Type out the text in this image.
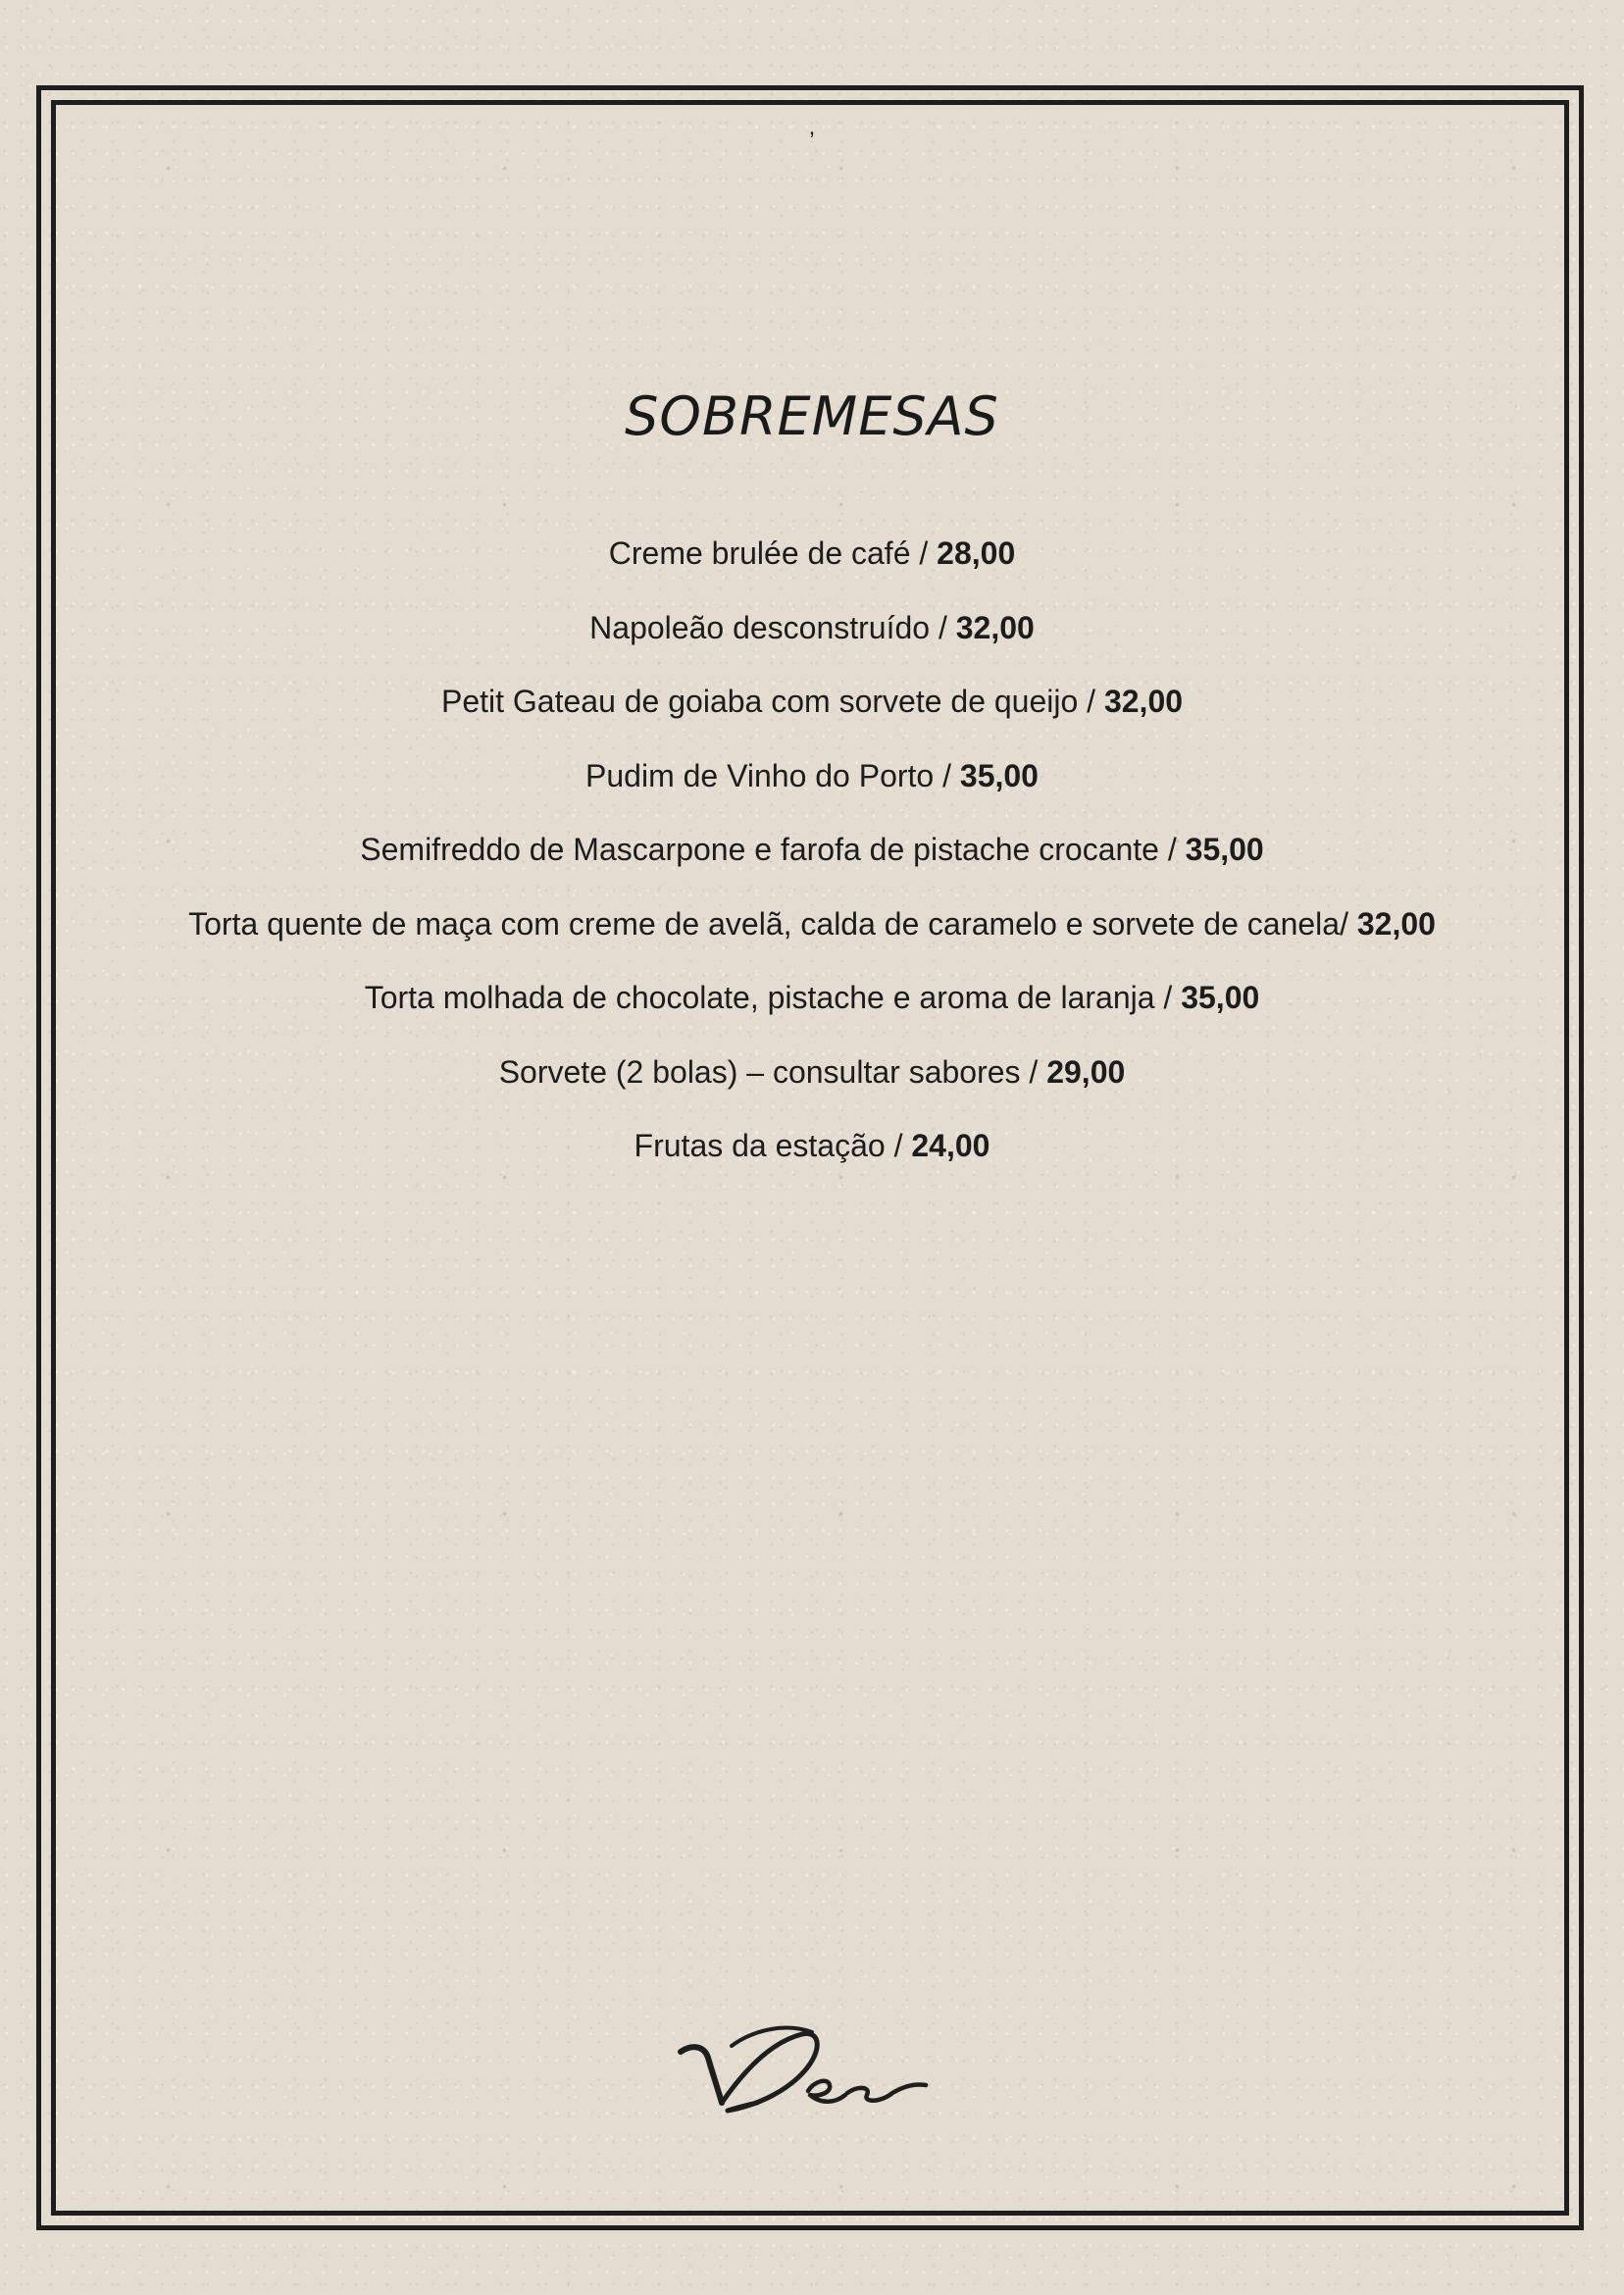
,
SOBREMESAS
Creme brulée de café / 28,00
Napoleão desconstruído / 32,00
Petit Gateau de goiaba com sorvete de queijo / 32,00
Pudim de Vinho do Porto / 35,00
Semifreddo de Mascarpone e farofa de pistache crocante / 35,00
Torta quente de maça com creme de avelã, calda de caramelo e sorvete de canela/ 32,00
Torta molhada de chocolate, pistache e aroma de laranja / 35,00
Sorvete (2 bolas) – consultar sabores / 29,00
Frutas da estação / 24,00
